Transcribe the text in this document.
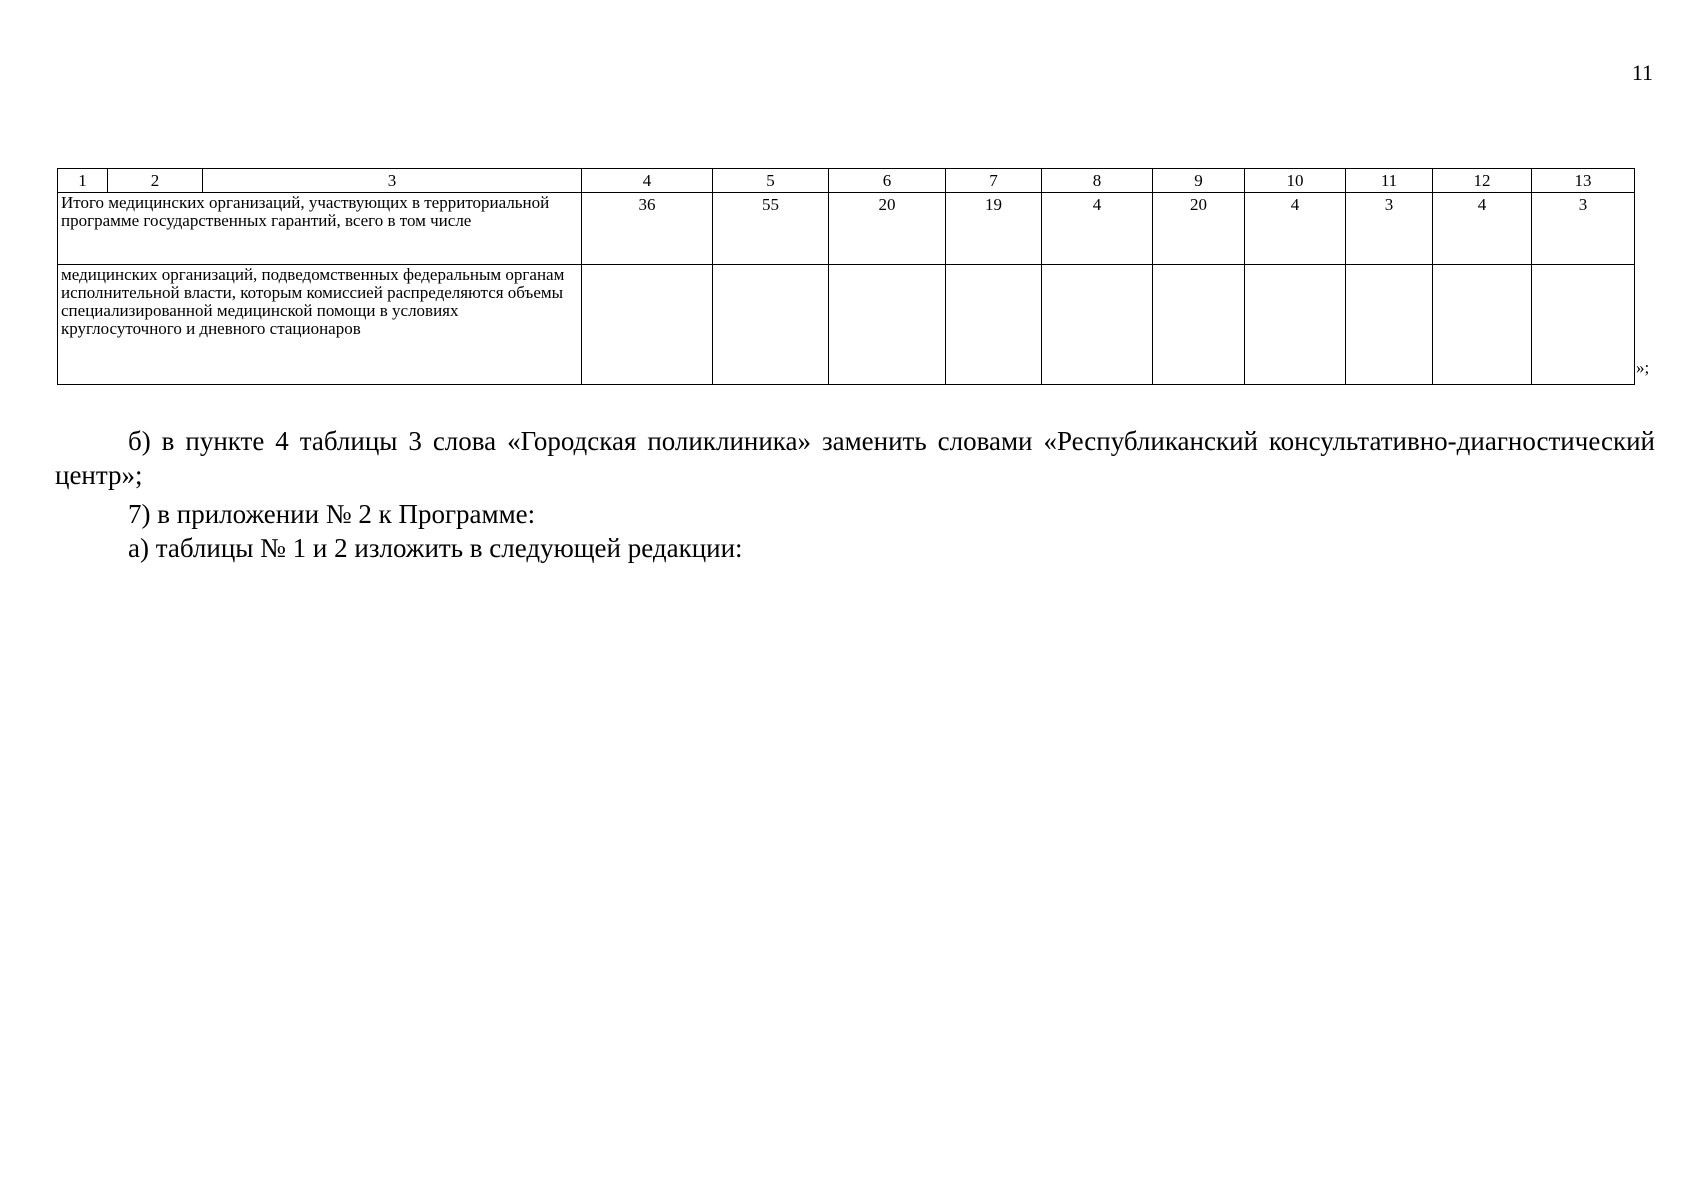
11
1	2	3	4	5	6	7	8	9	10	11	12	13
Итого медицинских организаций, участвующих в территориальной программе государственных гарантий, всего в том числе			36	55	20	19	4	20	4	3	4	3
медицинских организаций, подведомственных федеральным органам исполнительной власти, которым комиссией распределяются объемы специализированной медицинской помощи в условиях круглосуточного и дневного стационаров												
»;

б) в пункте 4 таблицы 3 слова «Городская поликлиника» заменить словами «Республиканский консультативно-диагностический центр»;

7) в приложении № 2 к Программе:

а) таблицы № 1 и 2 изложить в следующей редакции:
